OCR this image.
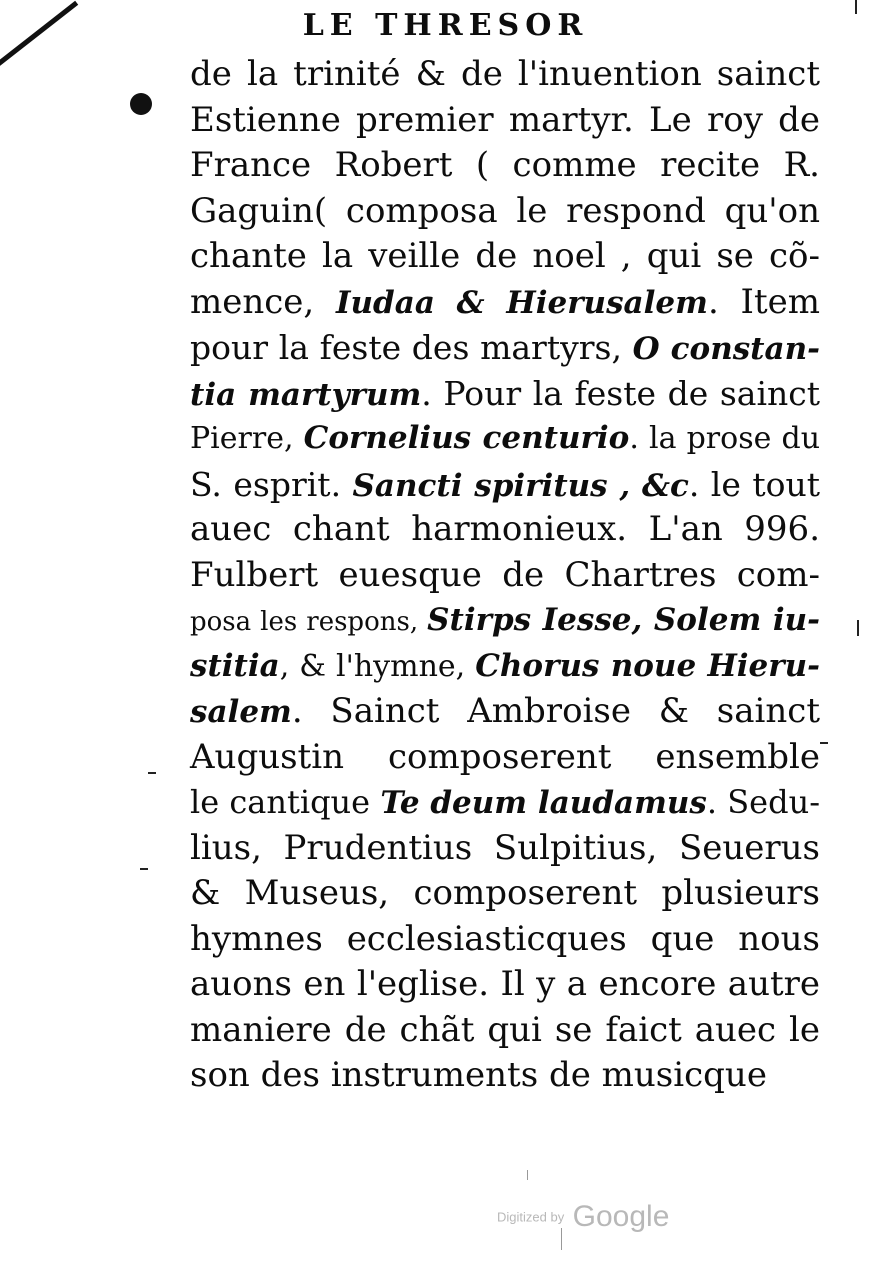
LE THRESOR
de la trinité & de l'inuention sainct
Estienne premier martyr. Le roy de
France Robert ( comme recite R.
Gaguin( composa le respond qu'on
chante la veille de noel , qui se cõ-
mence, Iudaa & Hierusalem. Item
pour la feste des martyrs, O constan-
tia martyrum. Pour la feste de sainct
Pierre, Cornelius centurio. la prose du
S. esprit. Sancti spiritus , &c. le tout
auec chant harmonieux. L'an 996.
Fulbert euesque de Chartres com-
posa les respons, Stirps Iesse, Solem iu-
stitia, & l'hymne, Chorus noue Hieru-
salem. Sainct Ambroise & sainct
Augustin composerent ensemble
le cantique Te deum laudamus. Sedu-
lius, Prudentius Sulpitius, Seuerus
& Museus, composerent plusieurs
hymnes ecclesiasticques que nous
auons en l'eglise. Il y a encore autre
maniere de chãt qui se faict auec le
son des instruments de musicque
Digitized by Google
